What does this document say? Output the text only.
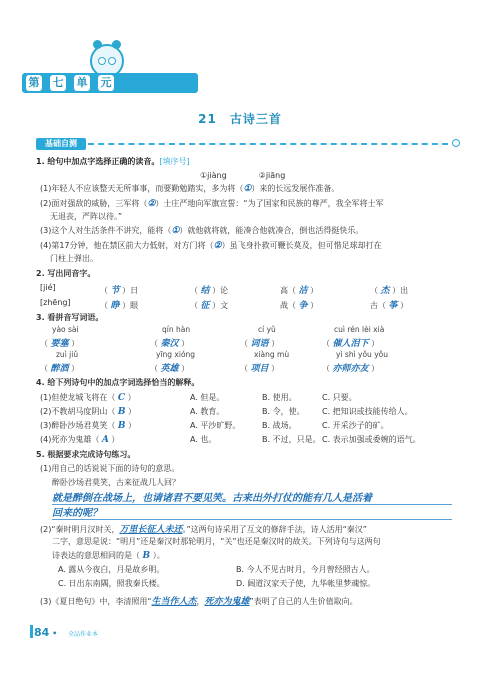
第 七 单 元
21　古诗三首
基础自测
1. 给句中加点字选择正确的读音。[填序号]
①jiàng　　　　②jiāng
(1)年轻人不应该整天无所事事，而要勤勉踏实，多为将（①）来的长远发展作准备。
(2)面对强敌的威胁，三军将（②）士庄严地向军旗宣誓：“为了国家和民族的尊严，我全军将士军
无退丧，严阵以待。”
(3)这个人对生活条件不讲究，能将（①）就他就将就，能凑合他就凑合，倒也活得挺快乐。
(4)第17分钟，他在禁区前大力低射，对方门将（②）虽飞身扑救可鞭长莫及，但可惜足球却打在
门柱上弹出。
2. 写出同音字。
[jié]	（ 节 ）日	（ 结 ）论	高（ 洁 ）	（ 杰 ）出
[zhēng]	（ 睁 ）眼	（ 征 ）文	战（ 争 ）	古（ 筝 ）
3. 看拼音写词语。
yào sài	qín hàn	cí yǔ	cuì rén lèi xià
（ 要塞 ）	（ 秦汉 ）	（ 词语 ）	（ 催人泪下 ）
zuì jiǔ	yīng xióng	xiàng mù	yì shì yǒu yǒu
（ 醉酒 ）	（ 英雄 ）	（ 项目 ）	（ 亦师亦友 ）
4. 给下列诗句中的加点字词选择恰当的解释。
(1)但使龙城飞将在（ C ）	A. 但是。	B. 使用。	C. 只要。
(2)不教胡马度阴山（ B ）	A. 教育。	B. 令，使。 C. 把知识或技能传给人。
(3)醉卧沙场君莫笑（ B ）	A. 平沙旷野。	B. 战场。	C. 开采沙子的矿。
(4)死亦为鬼雄（ A ）	A. 也。	B. 不过，只是。 C. 表示加强或委婉的语气。
5. 根据要求完成诗句练习。
(1)用自己的话说说下面的诗句的意思。
醉卧沙场君莫笑，古来征战几人回？
就是醉倒在战场上，也请诸君不要见笑。古来出外打仗的能有几人是活着
回来的呢？
(2)“秦时明月汉时关，万里长征人未还。”这两句诗采用了互文的修辞手法，诗人活用“秦汉”
二字，意思是说：“明月”还是秦汉时那轮明月，“关”也还是秦汉时的故关。下列诗句与这两句
诗表达的意思相同的是（ B ）。
A. 露从今夜白，月是故乡明。	B. 今人不见古时月，今月曾经照古人。
C. 日出东南隅，照我秦氏楼。	D. 阔道汉家天子使，九华帐里梦魂惊。
(3)《夏日绝句》中，李清照用“生当作人杰，死亦为鬼雄”表明了自己的人生价值取向。
84 • 全品作业本
